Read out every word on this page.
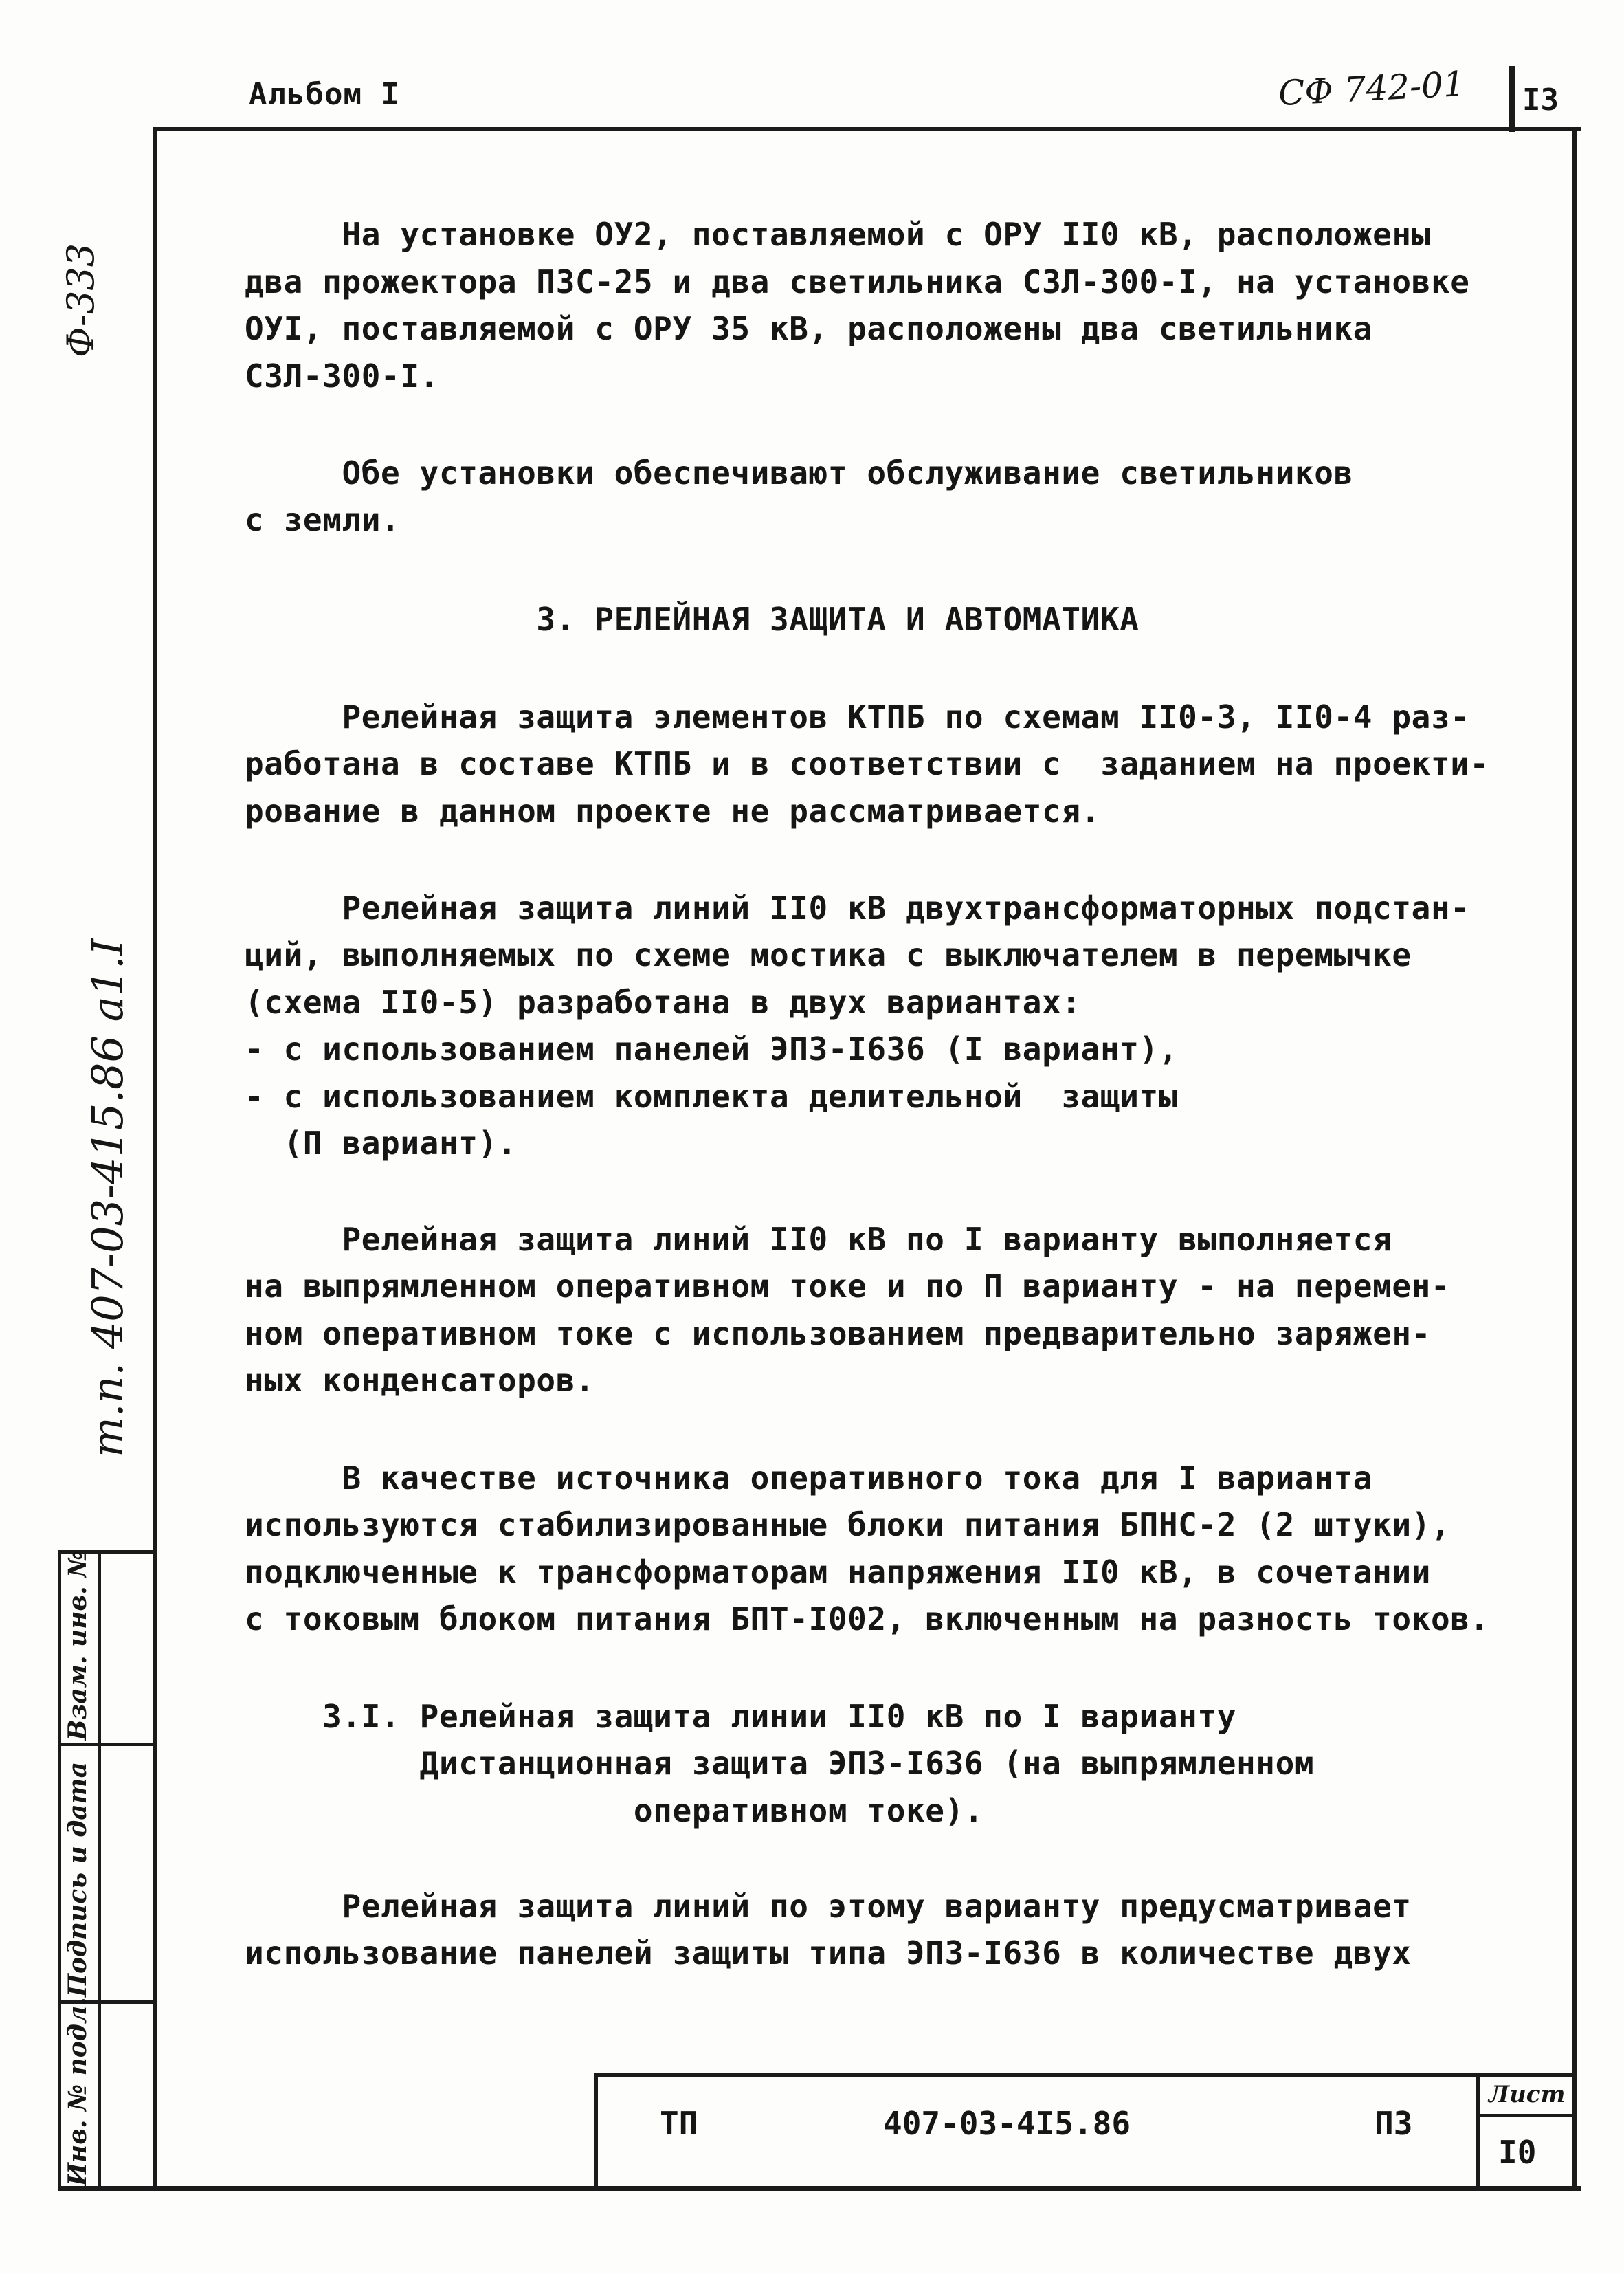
Альбом I	СФ 742-01 I3
Ф-333
т.п. 407-03-415.86 а1.I
Инв. № подл.
Подпись и дата
Взам. инв. №
На установке ОУ2, поставляемой с ОРУ II0 кВ, расположены
два прожектора ПЗС-25 и два светильника СЗЛ-300-I, на установке
ОУI, поставляемой с ОРУ 35 кВ, расположены два светильника
СЗЛ-300-I.
Обе установки обеспечивают обслуживание светильников
с земли.
3. РЕЛЕЙНАЯ ЗАЩИТА И АВТОМАТИКА
Релейная защита элементов КТПБ по схемам II0-3, II0-4 раз-
работана в составе КТПБ и в соответствии с  заданием на проекти-
рование в данном проекте не рассматривается.
Релейная защита линий II0 кВ двухтрансформаторных подстан-
ций, выполняемых по схеме мостика с выключателем в перемычке
(схема II0-5) разработана в двух вариантах:
- с использованием панелей ЭПЗ-I636 (I вариант),
- с использованием комплекта делительной  защиты
(П вариант).
Релейная защита линий II0 кВ по I варианту выполняется
на выпрямленном оперативном токе и по П варианту - на перемен-
ном оперативном токе с использованием предварительно заряжен-
ных конденсаторов.
В качестве источника оперативного тока для I варианта
используются стабилизированные блоки питания БПНС-2 (2 штуки),
подключенные к трансформаторам напряжения II0 кВ, в сочетании
с токовым блоком питания БПТ-I002, включенным на разность токов.
3.I. Релейная защита линии II0 кВ по I варианту
Дистанционная защита ЭПЗ-I636 (на выпрямленном
оперативном токе).
Релейная защита линий по этому варианту предусматривает
использование панелей защиты типа ЭПЗ-I636 в количестве двух
ТП	407-03-4I5.86	ПЗ
Лист
I0
